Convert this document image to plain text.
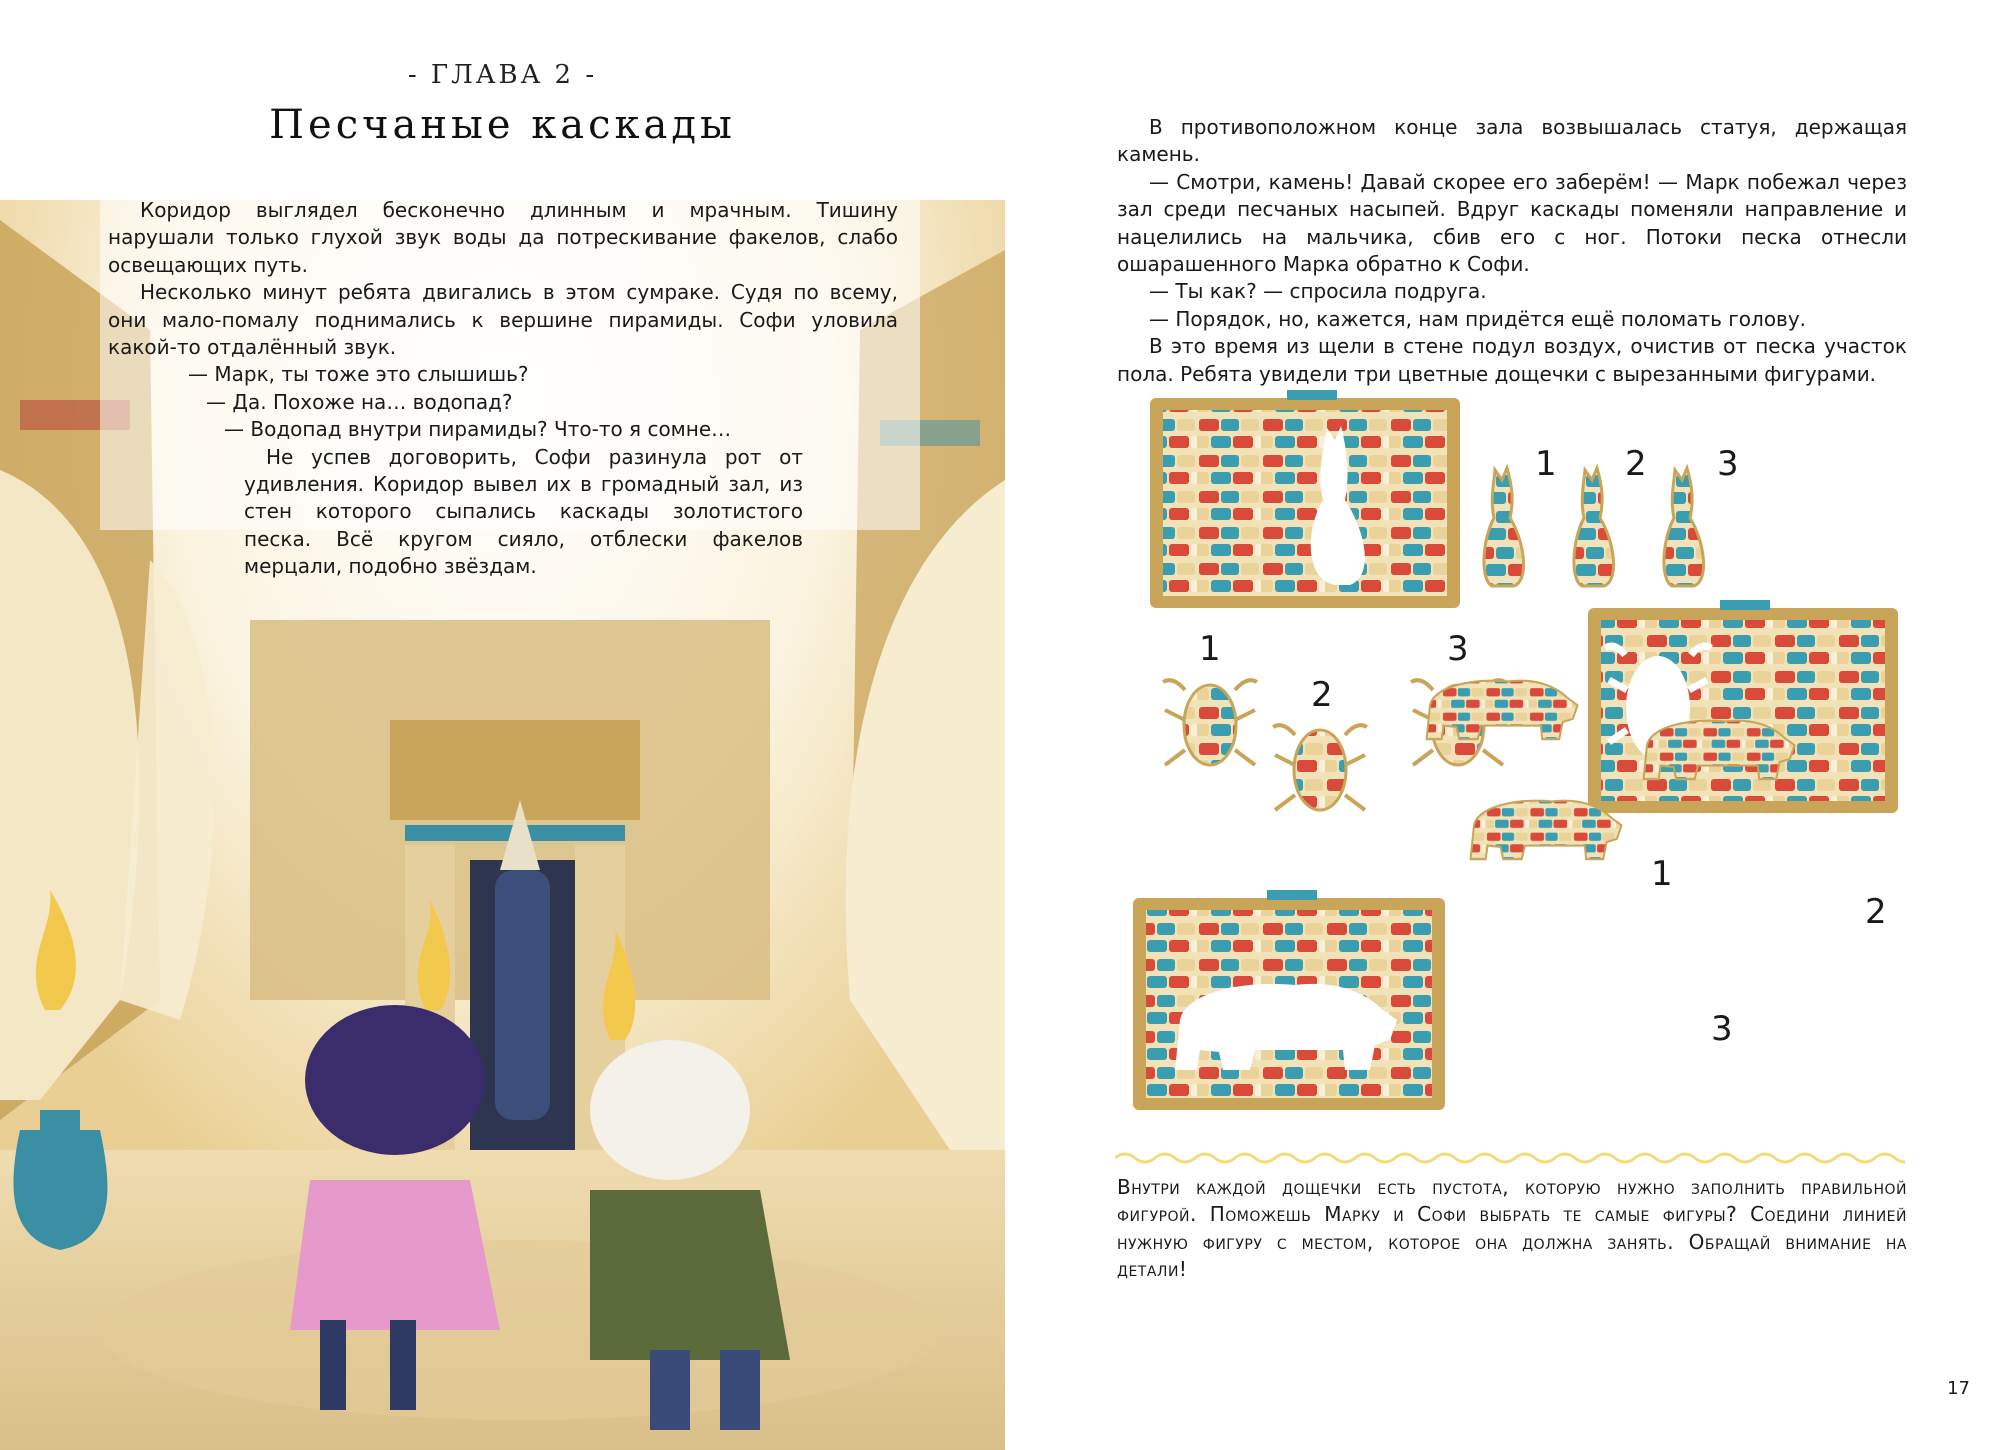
- ГЛАВА 2 -
Песчаные каскады

Коридор выглядел бесконечно длинным и мрачным. Тишину нарушали только глухой звук воды да потрескивание факелов, слабо освещающих путь.

Несколько минут ребята двигались в этом сумраке. Судя по всему, они мало-помалу поднимались к вершине пирамиды. Софи уловила какой-то отдалённый звук.

— Марк, ты тоже это слышишь?

— Да. Похоже на… водопад?

— Водопад внутри пирамиды? Что-то я сомне…

Не успев договорить, Софи разинула рот от удивления. Коридор вывел их в громадный зал, из стен которого сыпались каскады золотистого песка. Всё кругом сияло, отблески факелов мерцали, подобно звёздам.

В противоположном конце зала возвышалась статуя, держащая камень.

— Смотри, камень! Давай скорее его заберём! — Марк побежал через зал среди песчаных насыпей. Вдруг каскады поменяли направление и нацелились на мальчика, сбив его с ног. Потоки песка отнесли ошарашенного Марка обратно к Софи.

— Ты как? — спросила подруга.

— Порядок, но, кажется, нам придётся ещё поломать голову.

В это время из щели в стене подул воздух, очистив от песка участок пола. Ребята увидели три цветные дощечки с вырезанными фигурами.

1 2 3
1
2
3
1
2
3
Внутри каждой дощечки есть пустота, которую нужно заполнить правильной фигурой. Поможешь Марку и Софи выбрать те самые фигуры? Соедини линией нужную фигуру с местом, которое она должна занять. Обращай внимание на детали!
17
